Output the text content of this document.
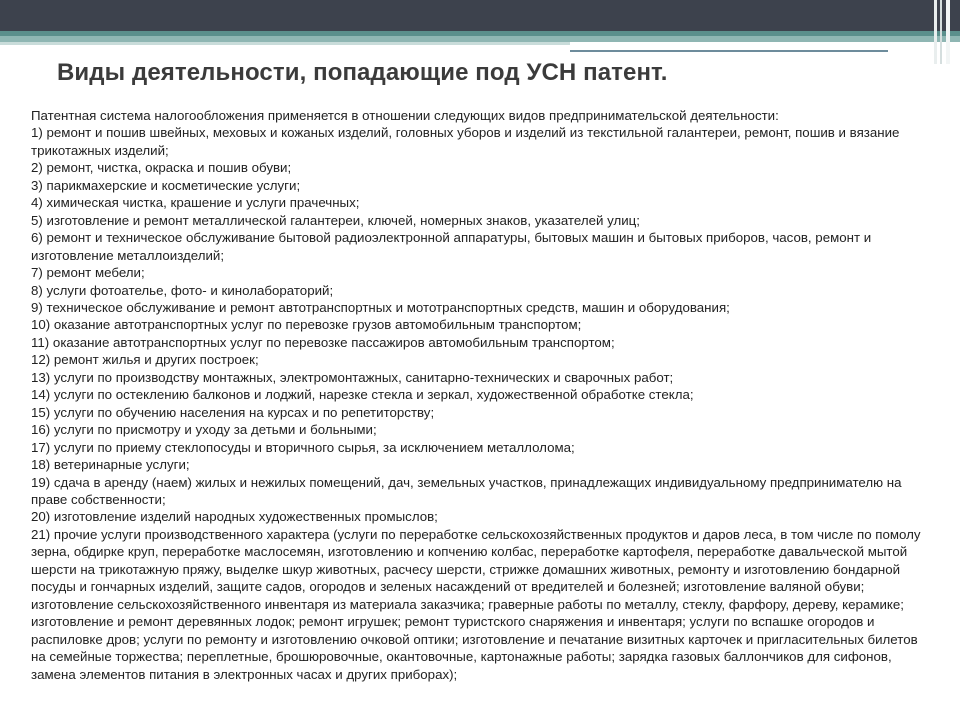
Виды деятельности, попадающие под УСН патент.

Патентная система налогообложения применяется в отношении следующих видов предпринимательской деятельности:

1) ремонт и пошив швейных, меховых и кожаных изделий, головных уборов и изделий из текстильной галантереи, ремонт, пошив и вязание трикотажных изделий;

2) ремонт, чистка, окраска и пошив обуви;

3) парикмахерские и косметические услуги;

4) химическая чистка, крашение и услуги прачечных;

5) изготовление и ремонт металлической галантереи, ключей, номерных знаков, указателей улиц;

6) ремонт и техническое обслуживание бытовой радиоэлектронной аппаратуры, бытовых машин и бытовых приборов, часов, ремонт и изготовление металлоизделий;

7) ремонт мебели;

8) услуги фотоателье, фото- и кинолабораторий;

9) техническое обслуживание и ремонт автотранспортных и мототранспортных средств, машин и оборудования;

10) оказание автотранспортных услуг по перевозке грузов автомобильным транспортом;

11) оказание автотранспортных услуг по перевозке пассажиров автомобильным транспортом;

12) ремонт жилья и других построек;

13) услуги по производству монтажных, электромонтажных, санитарно-технических и сварочных работ;

14) услуги по остеклению балконов и лоджий, нарезке стекла и зеркал, художественной обработке стекла;

15) услуги по обучению населения на курсах и по репетиторству;

16) услуги по присмотру и уходу за детьми и больными;

17) услуги по приему стеклопосуды и вторичного сырья, за исключением металлолома;

18) ветеринарные услуги;

19) сдача в аренду (наем) жилых и нежилых помещений, дач, земельных участков, принадлежащих индивидуальному предпринимателю на праве собственности;

20) изготовление изделий народных художественных промыслов;

21) прочие услуги производственного характера (услуги по переработке сельскохозяйственных продуктов и даров леса, в том числе по помолу зерна, обдирке круп, переработке маслосемян, изготовлению и копчению колбас, переработке картофеля, переработке давальческой мытой шерсти на трикотажную пряжу, выделке шкур животных, расчесу шерсти, стрижке домашних животных, ремонту и изготовлению бондарной посуды и гончарных изделий, защите садов, огородов и зеленых насаждений от вредителей и болезней; изготовление валяной обуви; изготовление сельскохозяйственного инвентаря из материала заказчика; граверные работы по металлу, стеклу, фарфору, дереву, керамике; изготовление и ремонт деревянных лодок; ремонт игрушек; ремонт туристского снаряжения и инвентаря; услуги по вспашке огородов и распиловке дров; услуги по ремонту и изготовлению очковой оптики; изготовление и печатание визитных карточек и пригласительных билетов на семейные торжества; переплетные, брошюровочные, окантовочные, картонажные работы; зарядка газовых баллончиков для сифонов, замена элементов питания в электронных часах и других приборах);
